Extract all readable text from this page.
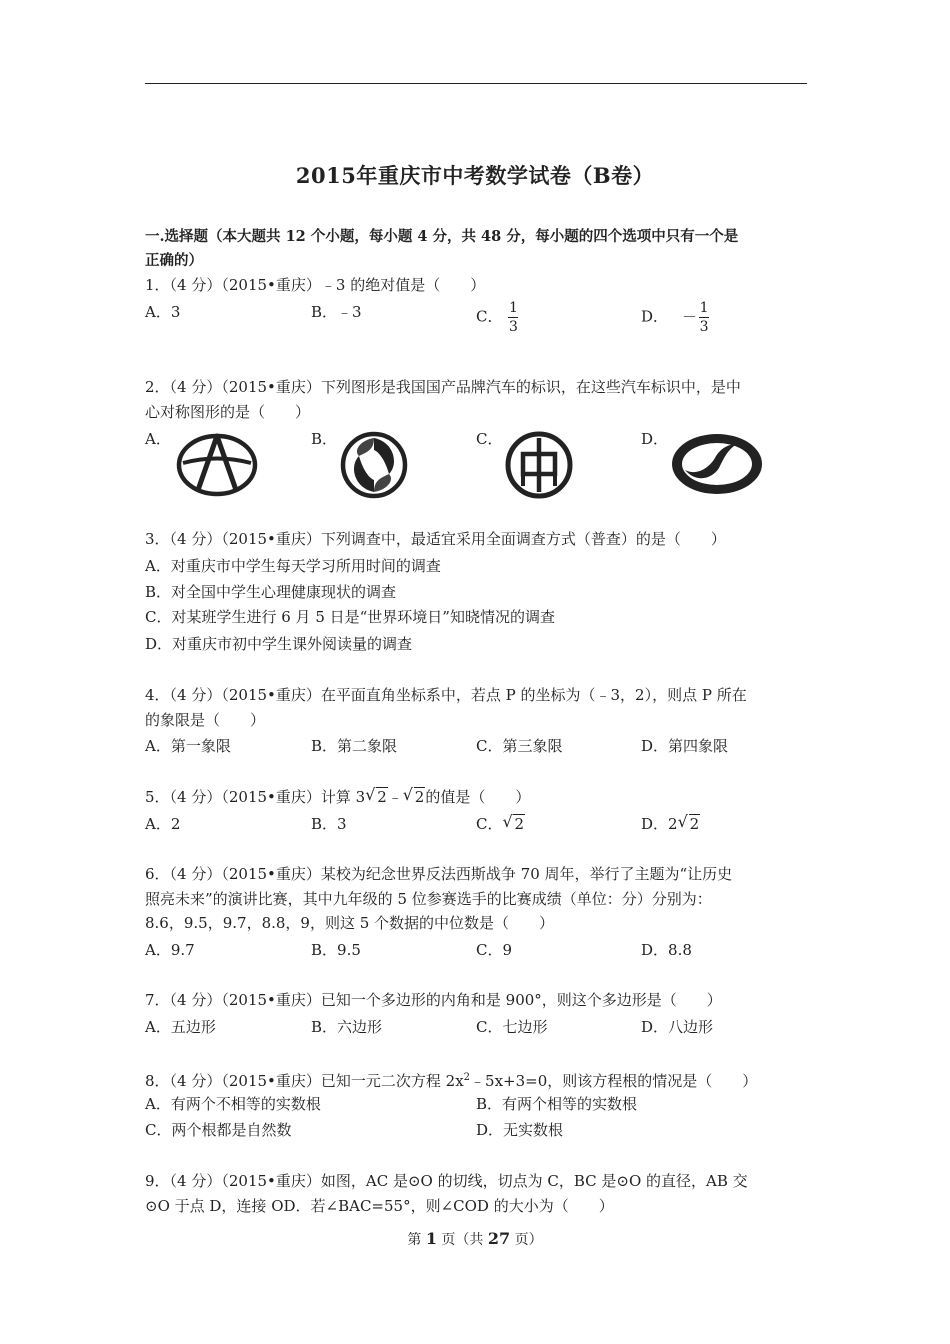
2015年重庆市中考数学试卷（B卷）
一.选择题（本大题共 12 个小题，每小题 4 分，共 48 分，每小题的四个选项中只有一个是
正确的）
1．（4 分）（2015•重庆）﹣3 的绝对值是（　　）
A．3	B．﹣3	C． $\frac{1}{3}$	D． － $\frac{1}{3}$
2．（4 分）（2015•重庆）下列图形是我国国产品牌汽车的标识，在这些汽车标识中，是中
心对称图形的是（　　）
A．	B．	C．	D．
3．（4 分）（2015•重庆）下列调查中，最适宜采用全面调查方式（普查）的是（　　）
A．对重庆市中学生每天学习所用时间的调查
B．对全国中学生心理健康现状的调查
C．对某班学生进行 6 月 5 日是“世界环境日”知晓情况的调查
D．对重庆市初中学生课外阅读量的调查
4．（4 分）（2015•重庆）在平面直角坐标系中，若点 P 的坐标为（﹣3，2），则点 P 所在
的象限是（　　）
A．第一象限	B．第二象限	C．第三象限	D．第四象限
5．（4 分）（2015•重庆）计算 3 √ 2﹣ √ 2的值是（　　）
A．2	B．3	C． √ 2	D．2 √ 2
6．（4 分）（2015•重庆）某校为纪念世界反法西斯战争 70 周年，举行了主题为“让历史
照亮未来”的演讲比赛，其中九年级的 5 位参赛选手的比赛成绩（单位：分）分别为：
8.6，9.5，9.7，8.8，9，则这 5 个数据的中位数是（　　）
A．9.7	B．9.5	C．9	D．8.8
7．（4 分）（2015•重庆）已知一个多边形的内角和是 900°，则这个多边形是（　　）
A．五边形	B．六边形	C．七边形	D．八边形
8．（4 分）（2015•重庆）已知一元二次方程 $2x^2﹣5x+3=0$，则该方程根的情况是（　　）
A．有两个不相等的实数根	B．有两个相等的实数根
C．两个根都是自然数	D．无实数根
9．（4 分）（2015•重庆）如图，AC 是⊙O 的切线，切点为 C，BC 是⊙O 的直径，AB 交
⊙O 于点 D，连接 OD．若∠BAC=55°，则∠COD 的大小为（　　）
第 1 页（共 27 页）
